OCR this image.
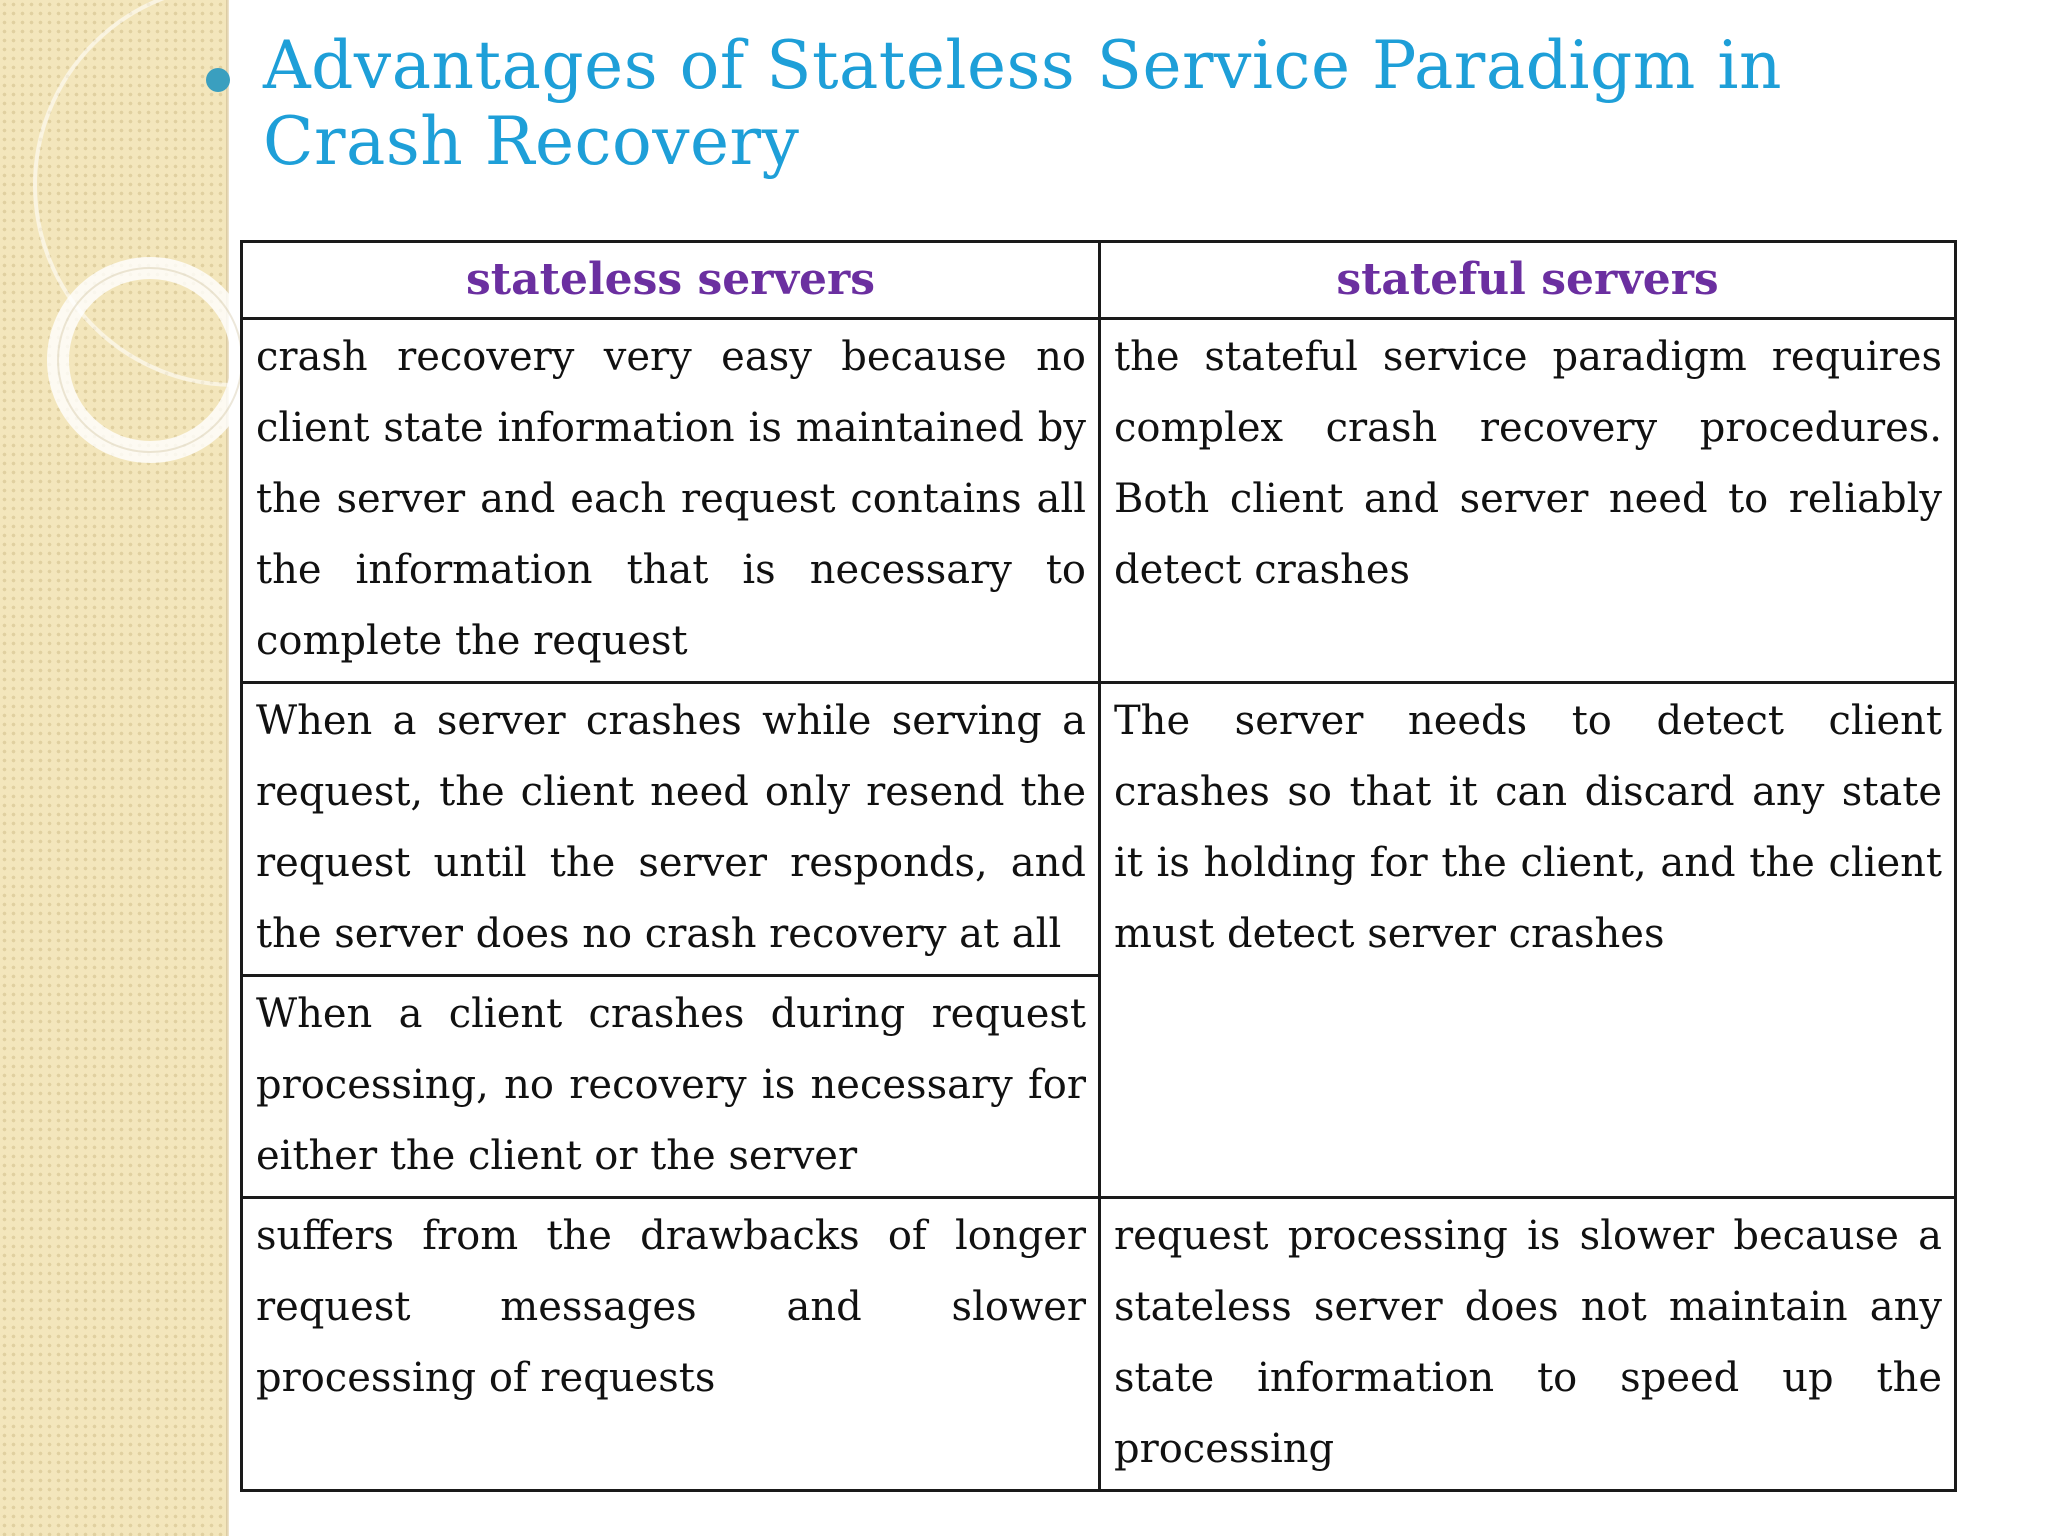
Advantages of Stateless Service Paradigm in Crash Recovery
stateless servers	stateful servers
crash recovery very easy because no client state information is maintained by the server and each request contains all the information that is necessary to complete the request	the stateful service paradigm requires complex crash recovery procedures. Both client and server need to reliably detect crashes
When a server crashes while serving a request, the client need only resend the request until the server responds, and the server does no crash recovery at all	The server needs to detect client crashes so that it can discard any state it is holding for the client, and the client must detect server crashes
When a client crashes during request processing, no recovery is necessary for either the client or the server	
suffers from the drawbacks of longer request messages and slower processing of requests	request processing is slower because a stateless server does not maintain any state information to speed up the processing
